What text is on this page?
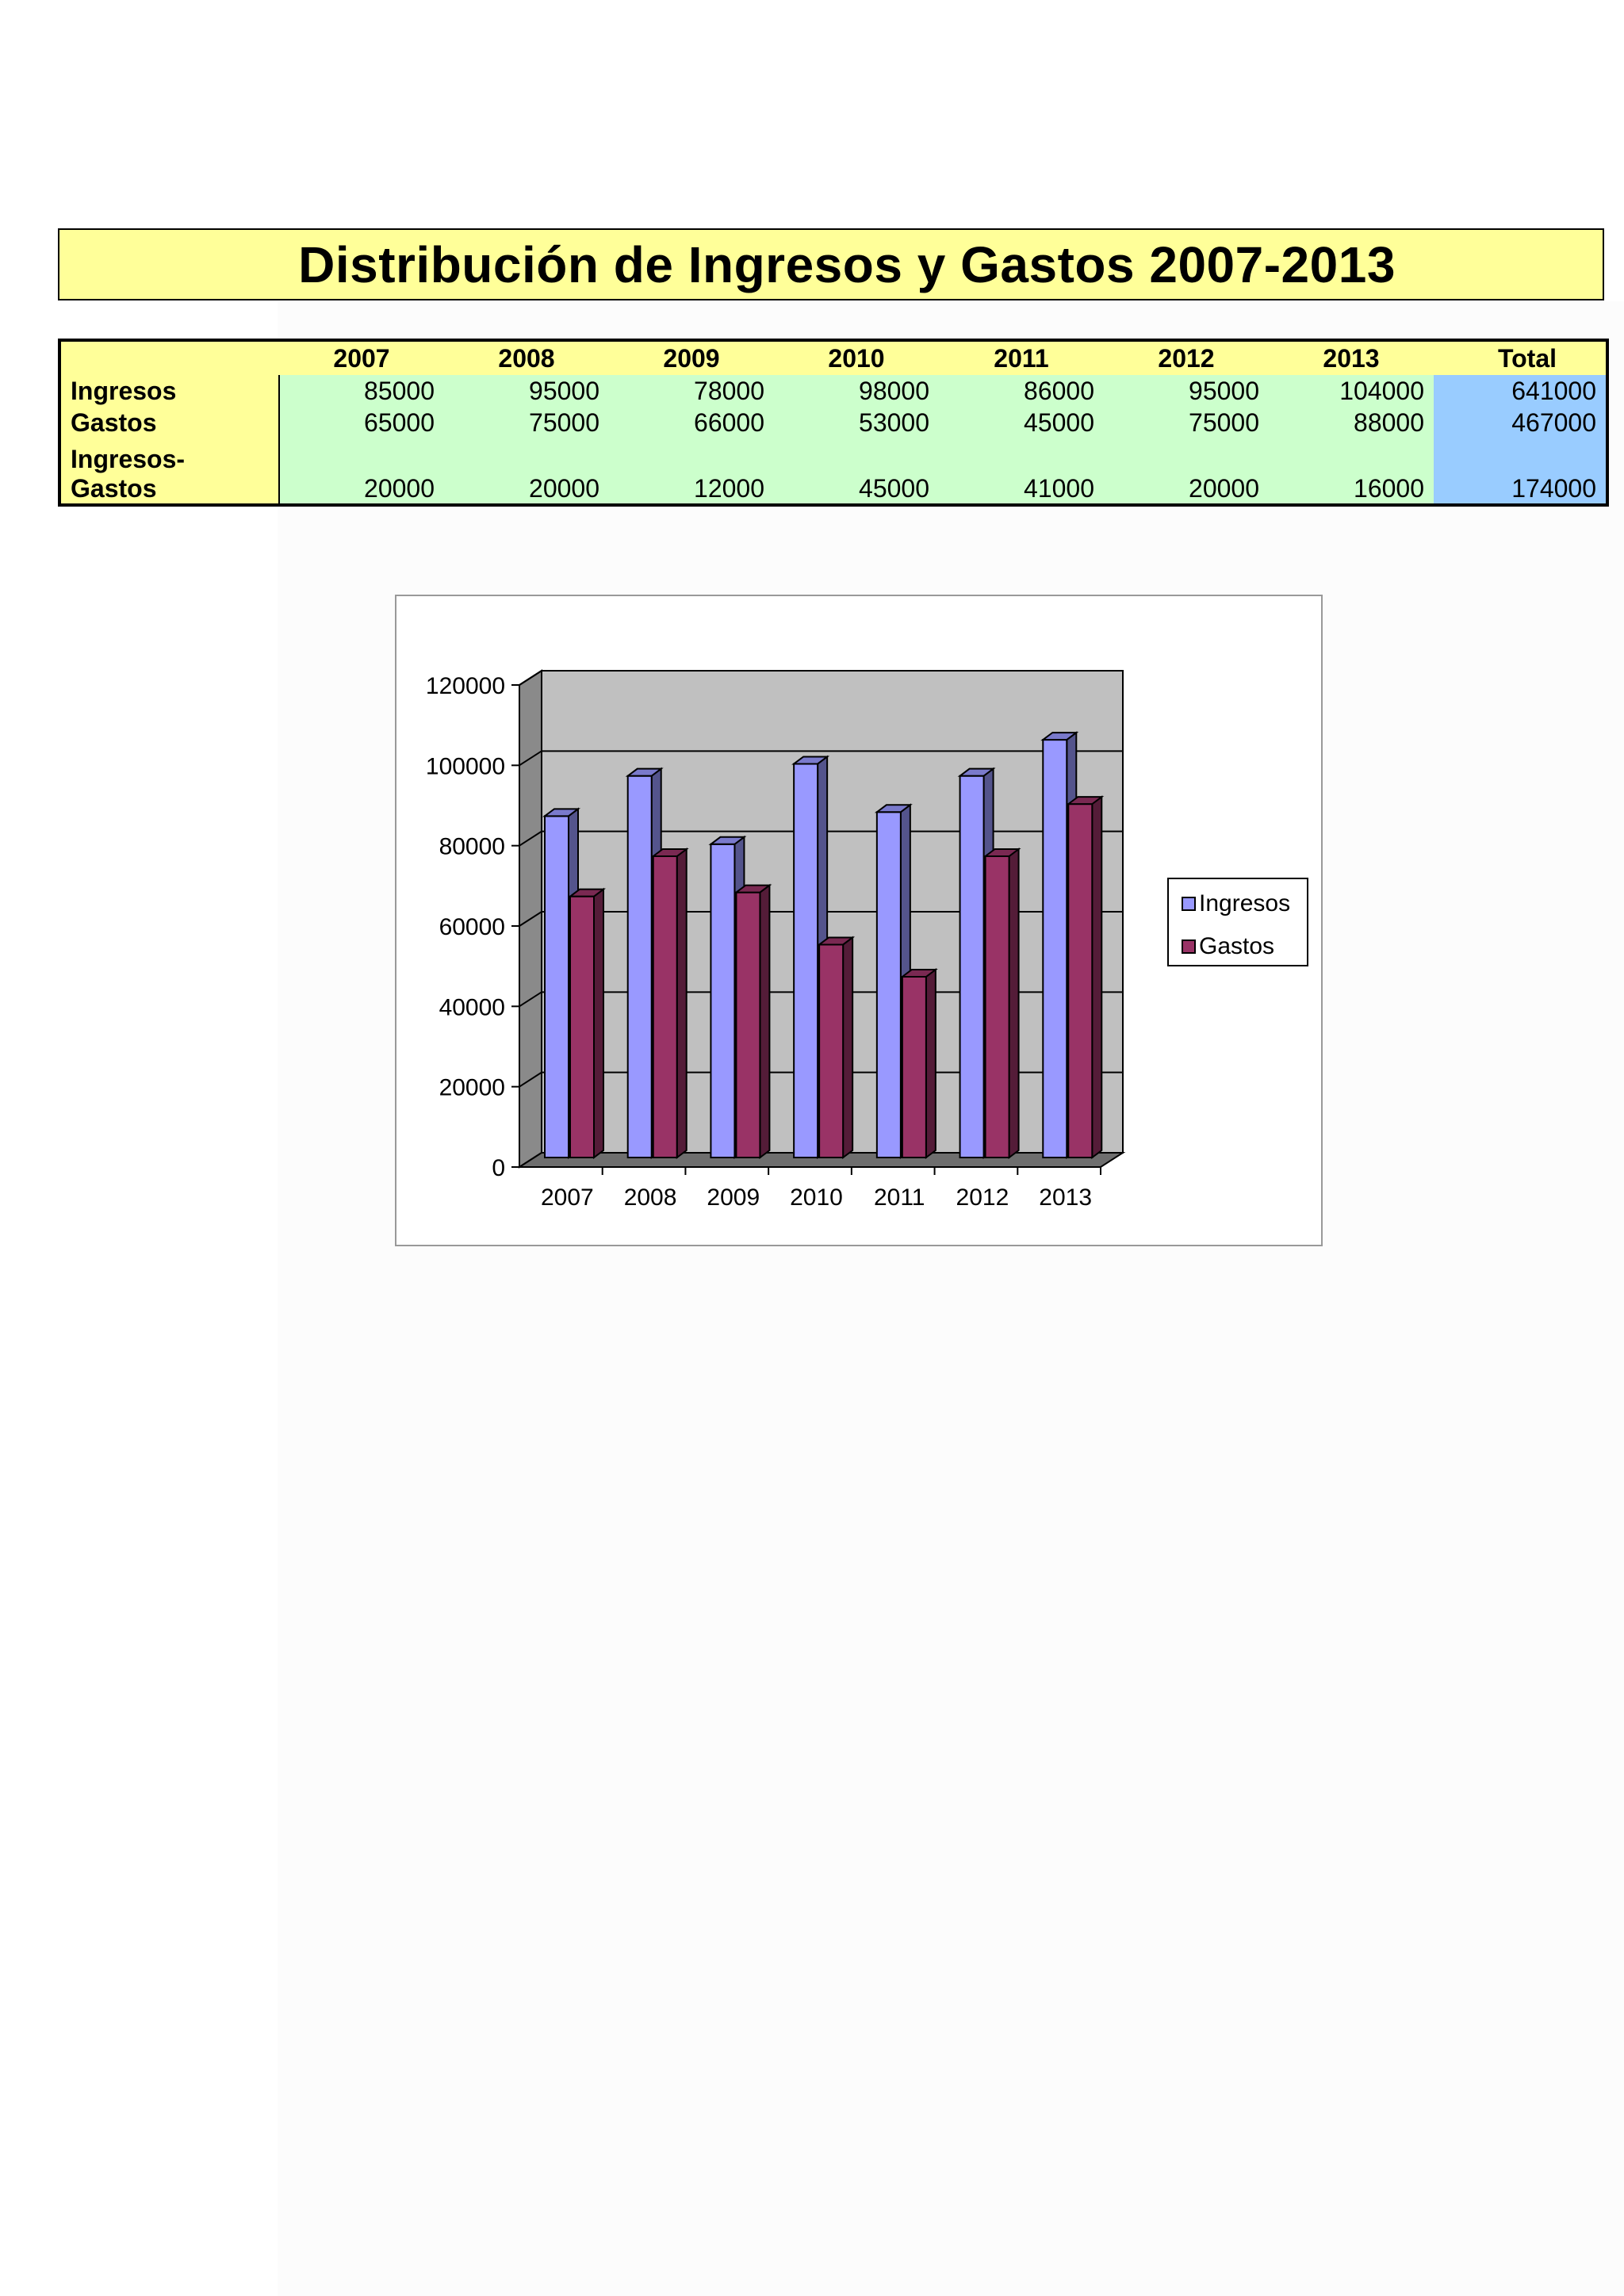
Distribución de Ingresos y Gastos 2007-2013
	2007	2008	2009	2010	2011	2012	2013	Total
Ingresos	85000	95000	78000	98000	86000	95000	104000	641000
Gastos	65000	75000	66000	53000	45000	75000	88000	467000

Ingresos-
Gastos	20000	20000	12000	45000	41000	20000	16000	174000
0
20000
40000
60000
80000
100000
120000
2007 2008 2009 2010 2011 2012 2013
Ingresos
Gastos
